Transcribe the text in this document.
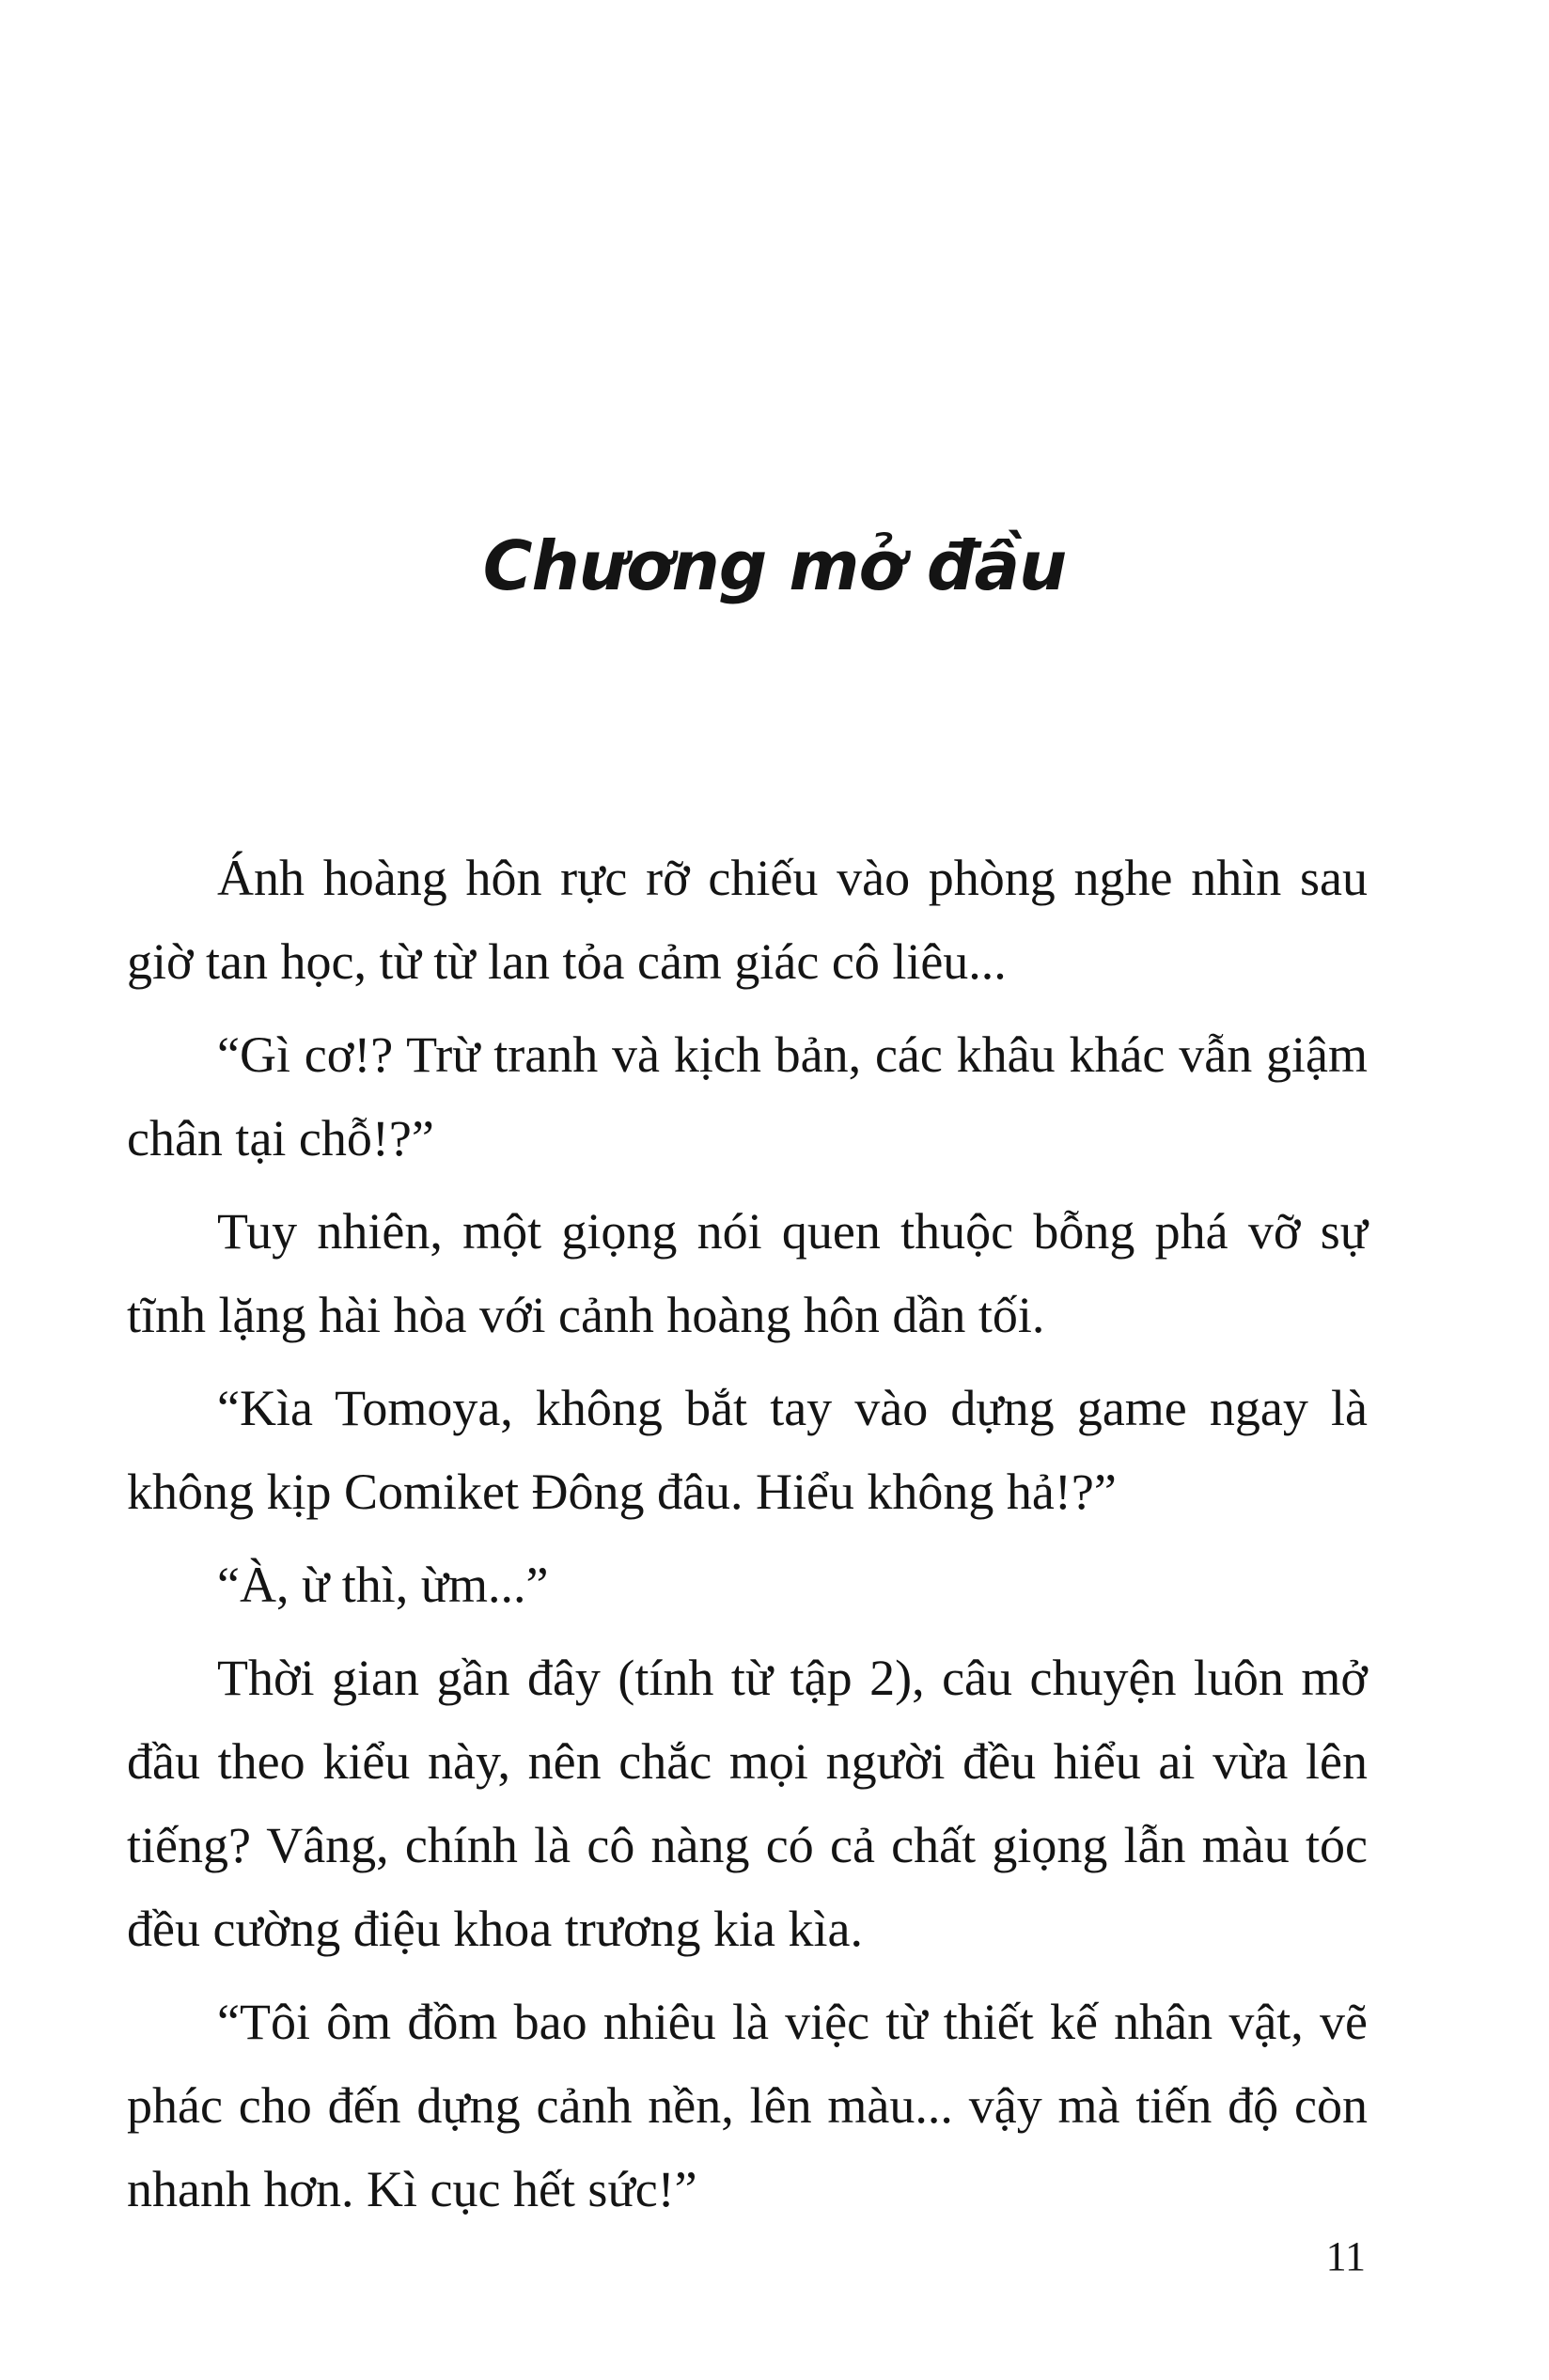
Chương mở đầu

Ánh hoàng hôn rực rỡ chiếu vào phòng nghe nhìn sau giờ tan học, từ từ lan tỏa cảm giác cô liêu...

“Gì cơ!? Trừ tranh và kịch bản, các khâu khác vẫn giậm chân tại chỗ!?”

Tuy nhiên, một giọng nói quen thuộc bỗng phá vỡ sự tĩnh lặng hài hòa với cảnh hoàng hôn dần tối.

“Kìa Tomoya, không bắt tay vào dựng game ngay là không kịp Comiket Đông đâu. Hiểu không hả!?”

“À, ừ thì, ừm...”

Thời gian gần đây (tính từ tập 2), câu chuyện luôn mở đầu theo kiểu này, nên chắc mọi người đều hiểu ai vừa lên tiếng? Vâng, chính là cô nàng có cả chất giọng lẫn màu tóc đều cường điệu khoa trương kia kìa.

“Tôi ôm đồm bao nhiêu là việc từ thiết kế nhân vật, vẽ phác cho đến dựng cảnh nền, lên màu... vậy mà tiến độ còn nhanh hơn. Kì cục hết sức!”

11
